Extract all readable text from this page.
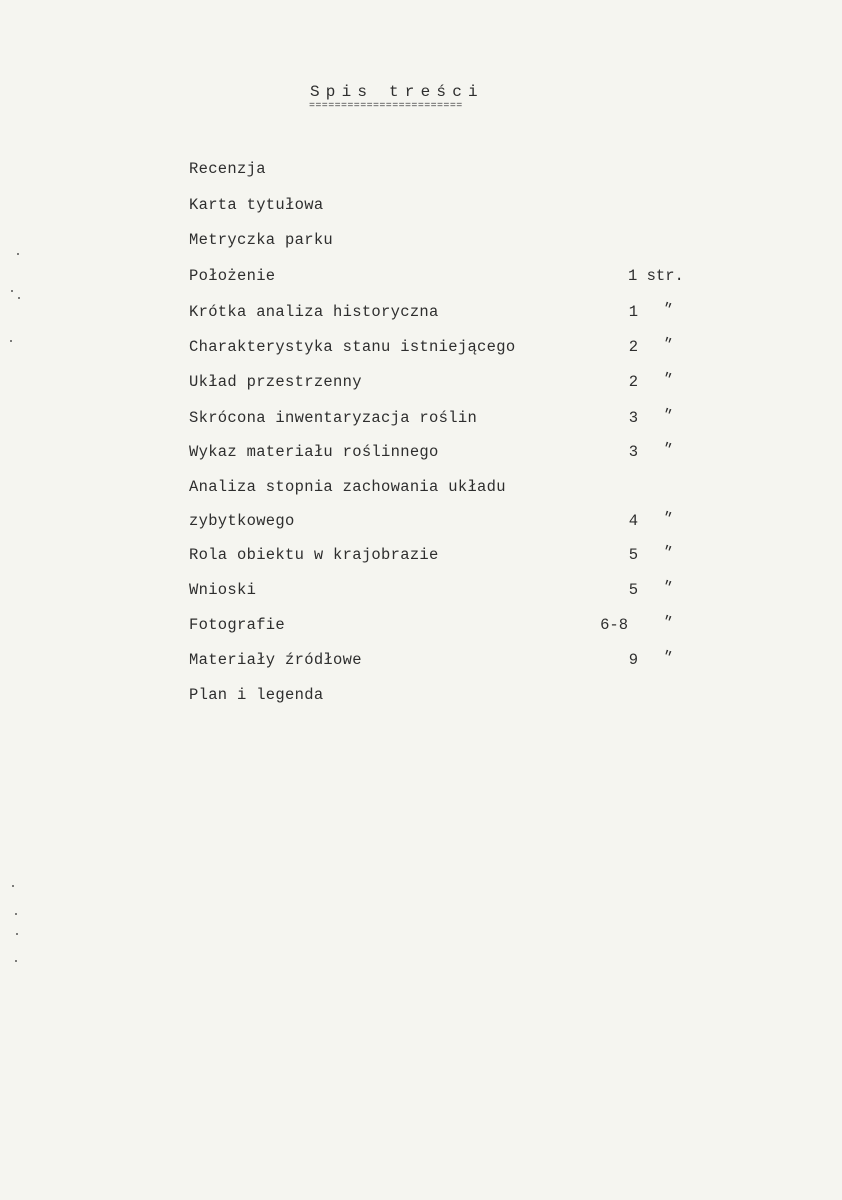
Spis treści
========================
Recenzja
Karta tytułowa
Metryczka parku
Położenie	1 str.
Krótka analiza historyczna	1 "
Charakterystyka stanu istniejącego	2 "
Układ przestrzenny	2 "
Skrócona inwentaryzacja roślin	3 "
Wykaz materiału roślinnego	3 "
Analiza stopnia zachowania układu
zybytkowego	4 "
Rola obiektu w krajobrazie	5 "
Wnioski	5 "
Fotografie	6-8 "
Materiały źródłowe	9 "
Plan i legenda
